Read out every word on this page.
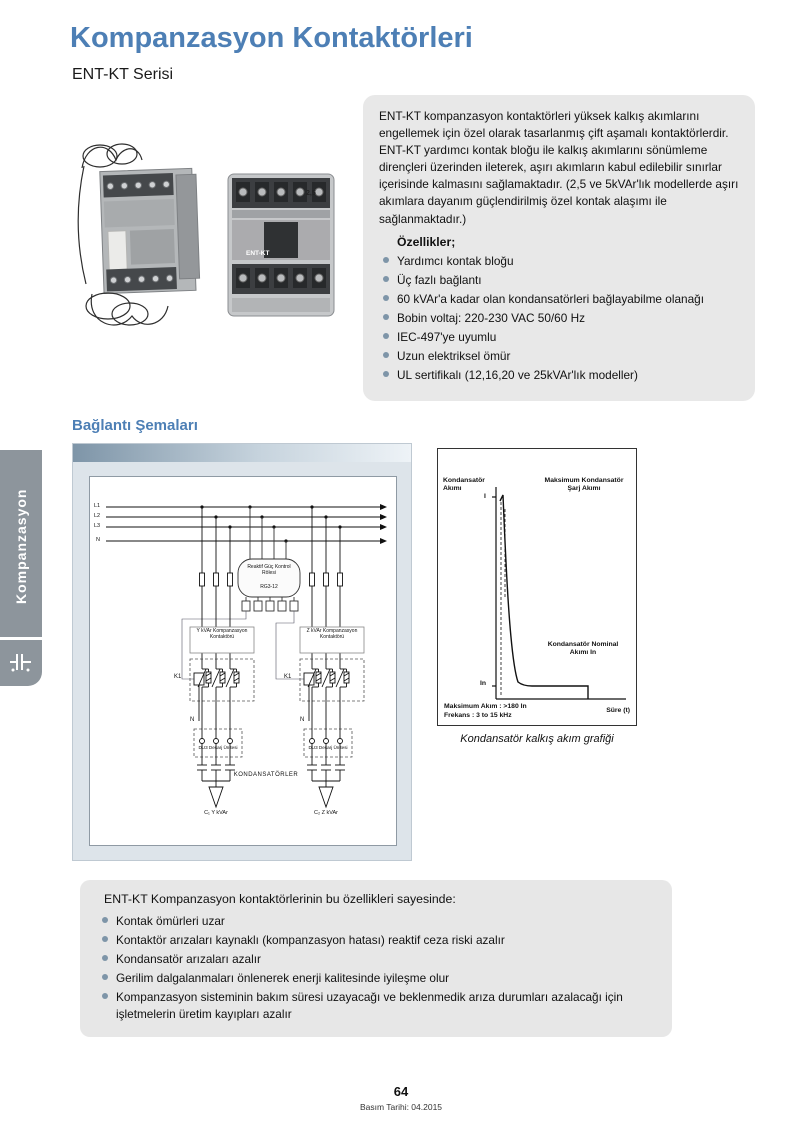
Kompanzasyon Kontaktörleri
ENT-KT Serisi
2,5
ENT-KT

ENT-KT kompanzasyon kontaktörleri yüksek kalkış akımlarını engellemek için özel olarak tasarlanmış çift aşamalı kontaktörlerdir. ENT-KT yardımcı kontak bloğu ile kalkış akımlarını sönümleme dirençleri üzerinden ileterek, aşırı akımların kabul edilebilir sınırlar içerisinde kalmasını sağlamaktadır. (2,5 ve 5kVAr'lık modellerde aşırı akımlara dayanım güçlendirilmiş özel kontak alaşımı ile sağlanmaktadır.)

Özellikler;
Yardımcı kontak bloğu
Üç fazlı bağlantı
60 kVAr'a kadar olan kondansatörleri bağlayabilme olanağı
Bobin voltaj: 220-230 VAC 50/60 Hz
IEC-497'ye uyumlu
Uzun elektriksel ömür
UL sertifikalı (12,16,20 ve 25kVAr'lık modeller)
Bağlantı Şemaları
L1
L2
L3
N
Reaktif Güç Kontrol Rölesi
RG3-12
Y kVAr Kompanzasyon Kontaktörü
Z kVAr Kompanzasyon Kontaktörü
K1	K1
N	N
DU3 Deşarj Ünitesi	DU3 Deşarj Ünitesi
KONDANSATÖRLER
C₁ Y kVAr	C₂ Z kVAr
Kondansatör Akımı
Maksimum Kondansatör Şarj Akımı
I
In
Kondansatör Nominal Akımı In
Maksimum Akım : >180 In
Frekans : 3 to 15 kHz
Süre (t)
Kondansatör kalkış akım grafiği

ENT-KT Kompanzasyon kontaktörlerinin bu özellikleri sayesinde:

Kontak ömürleri uzar
Kontaktör arızaları kaynaklı (kompanzasyon hatası) reaktif ceza riski azalır
Kondansatör arızaları azalır
Gerilim dalgalanmaları önlenerek enerji kalitesinde iyileşme olur
Kompanzasyon sisteminin bakım süresi uzayacağı ve beklenmedik arıza durumları azalacağı için işletmelerin üretim kayıpları azalır
Kompanzasyon
64
Basım Tarihi: 04.2015
